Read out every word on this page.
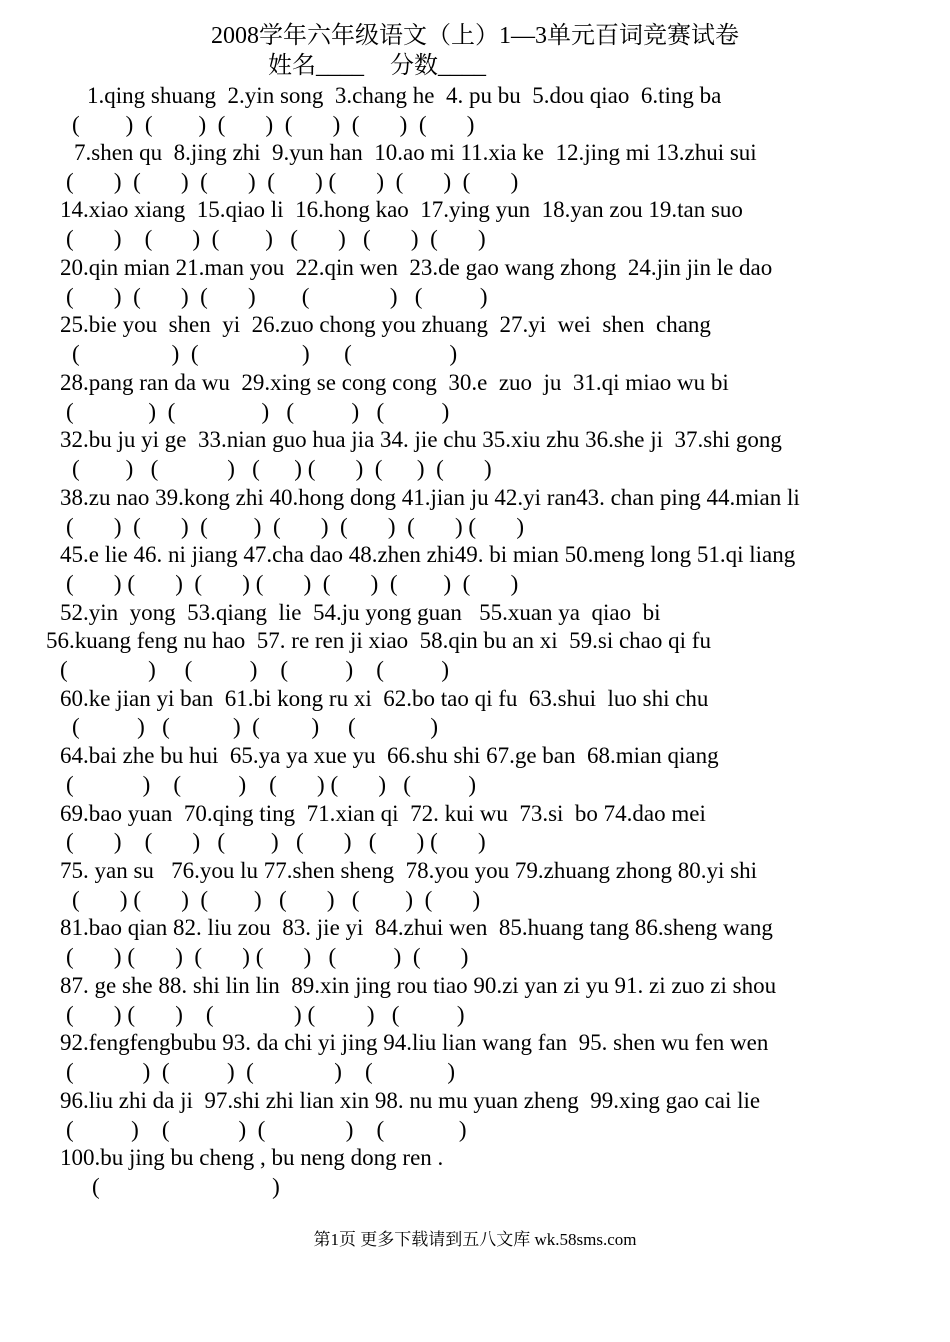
2008学年六年级语文（上）1—3单元百词竞赛试卷
姓名____ 分数____
1.qing shuang  2.yin song  3.chang he  4. pu bu  5.dou qiao  6.ting ba
(        )  (        )  (       )  (       )  (       )  (       )
7.shen qu  8.jing zhi  9.yun han  10.ao mi 11.xia ke  12.jing mi 13.zhui sui
(       )  (       )  (       )  (       ) (       )  (       )  (       )
14.xiao xiang  15.qiao li  16.hong kao  17.ying yun  18.yan zou 19.tan suo
(       )    (       )  (        )   (       )   (       )  (       )
20.qin mian 21.man you  22.qin wen  23.de gao wang zhong  24.jin jin le dao
(       )  (       )  (       )        (              )   (          )
25.bie you  shen  yi  26.zuo chong you zhuang  27.yi  wei  shen  chang
(                )  (                  )      (                 )
28.pang ran da wu  29.xing se cong cong  30.e  zuo  ju  31.qi miao wu bi
(             )  (               )   (          )   (          )
32.bu ju yi ge  33.nian guo hua jia 34. jie chu 35.xiu zhu 36.she ji  37.shi gong
(        )   (            )   (      ) (       )  (      )  (       )
38.zu nao 39.kong zhi 40.hong dong 41.jian ju 42.yi ran43. chan ping 44.mian li
(       )  (       )  (        )  (       )  (       )  (       ) (       )
45.e lie 46. ni jiang 47.cha dao 48.zhen zhi49. bi mian 50.meng long 51.qi liang
(       ) (       )  (       ) (       )  (       )  (        )  (       )
52.yin  yong  53.qiang  lie  54.ju yong guan   55.xuan ya  qiao  bi
56.kuang feng nu hao  57. re ren ji xiao  58.qin bu an xi  59.si chao qi fu
(              )     (          )    (          )    (          )
60.ke jian yi ban  61.bi kong ru xi  62.bo tao qi fu  63.shui  luo shi chu
(          )   (           )  (         )     (             )
64.bai zhe bu hui  65.ya ya xue yu  66.shu shi 67.ge ban  68.mian qiang
(            )    (          )    (       ) (       )   (          )
69.bao yuan  70.qing ting  71.xian qi  72. kui wu  73.si  bo 74.dao mei
(       )    (       )   (        )   (       )   (       ) (       )
75. yan su   76.you lu 77.shen sheng  78.you you 79.zhuang zhong 80.yi shi
(       ) (       )  (        )   (       )   (        )  (       )
81.bao qian 82. liu zou  83. jie yi  84.zhui wen  85.huang tang 86.sheng wang
(       ) (       )  (       ) (       )   (          )  (       )
87. ge she 88. shi lin lin  89.xin jing rou tiao 90.zi yan zi yu 91. zi zuo zi shou
(       ) (       )    (              ) (         )   (          )
92.fengfengbubu 93. da chi yi jing 94.liu lian wang fan  95. shen wu fen wen
(            )  (          )  (              )    (             )
96.liu zhi da ji  97.shi zhi lian xin 98. nu mu yuan zheng  99.xing gao cai lie
(          )    (            )  (              )    (             )
100.bu jing bu cheng , bu neng dong ren .
(                              )
第1页 更多下载请到五八文库 wk.58sms.com
